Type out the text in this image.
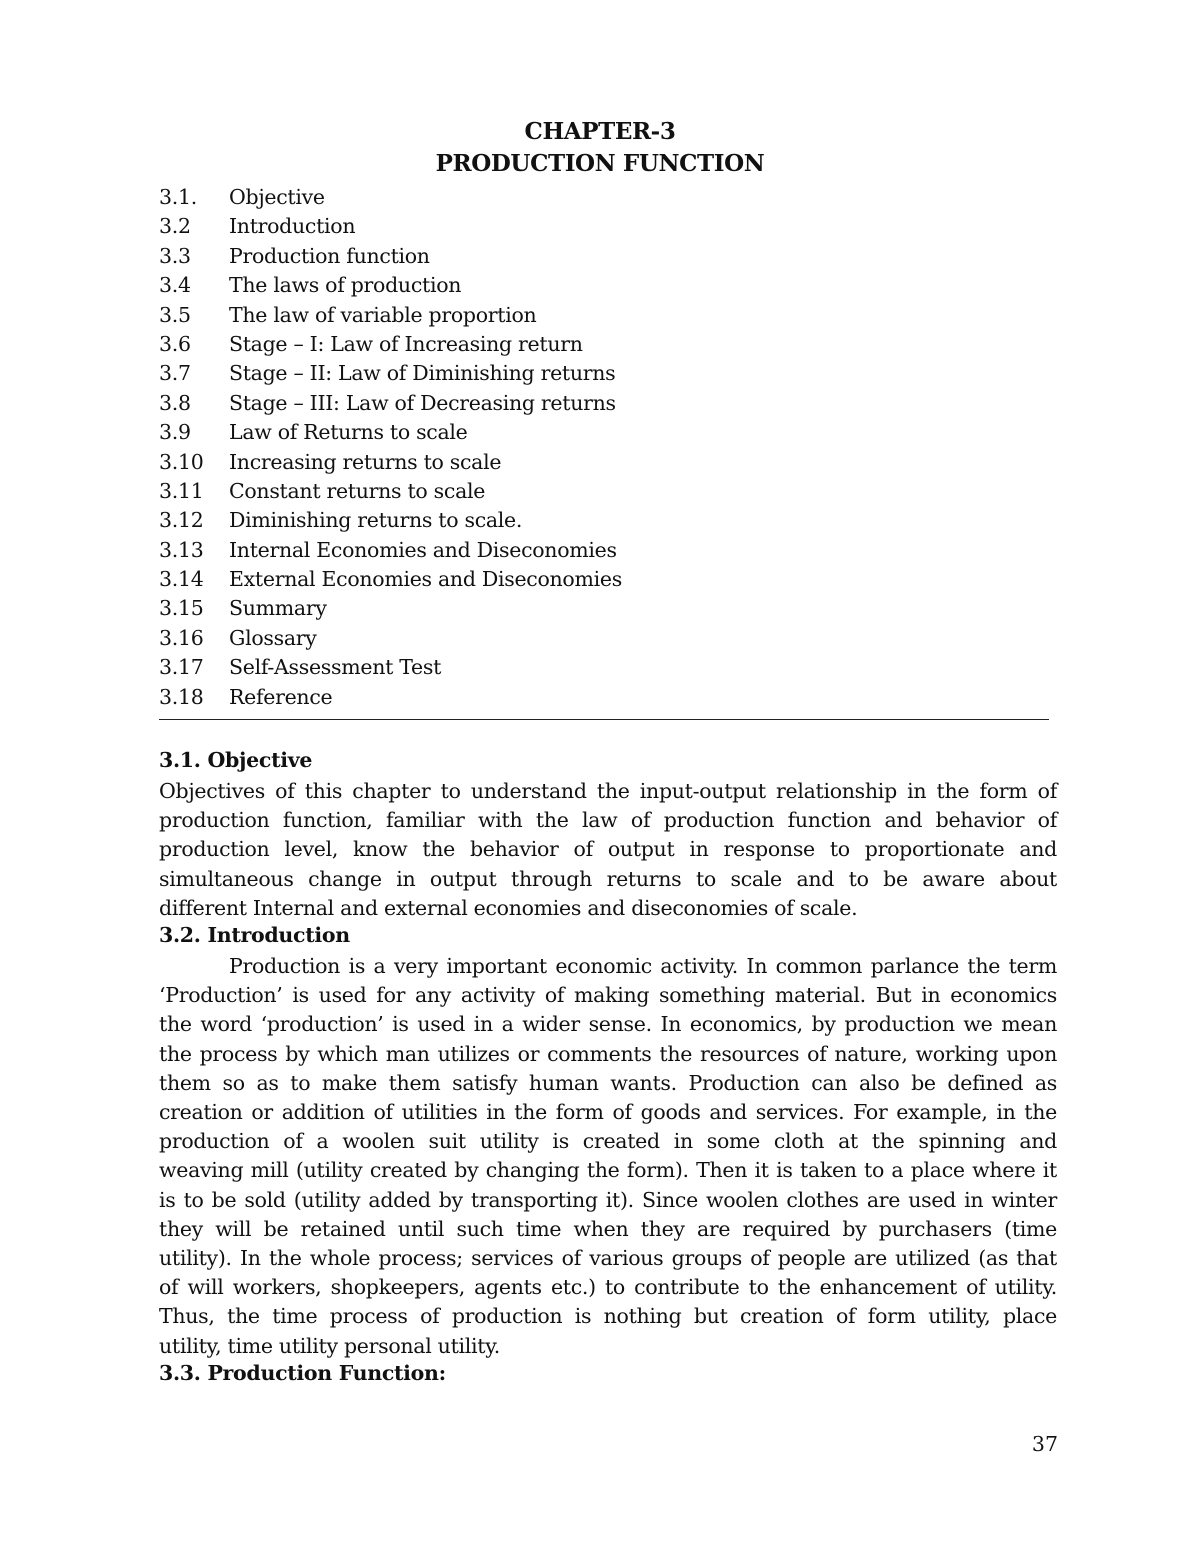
CHAPTER-3
PRODUCTION FUNCTION
3.1. Objective
3.2 Introduction
3.3 Production function
3.4 The laws of production
3.5 The law of variable proportion
3.6 Stage – I: Law of Increasing return
3.7 Stage – II: Law of Diminishing returns
3.8 Stage – III: Law of Decreasing returns
3.9 Law of Returns to scale
3.10 Increasing returns to scale
3.11 Constant returns to scale
3.12 Diminishing returns to scale.
3.13 Internal Economies and Diseconomies
3.14 External Economies and Diseconomies
3.15 Summary
3.16 Glossary
3.17 Self-Assessment Test
3.18 Reference
3.1. Objective
Objectives of this chapter to understand the input-output relationship in the form of
production function, familiar with the law of production function and behavior of
production level, know the behavior of output in response to proportionate and
simultaneous change in output through returns to scale and to be aware about
different Internal and external economies and diseconomies of scale.
3.2. Introduction
Production is a very important economic activity. In common parlance the term
‘Production’ is used for any activity of making something material. But in economics
the word ‘production’ is used in a wider sense. In economics, by production we mean
the process by which man utilizes or comments the resources of nature, working upon
them so as to make them satisfy human wants. Production can also be defined as
creation or addition of utilities in the form of goods and services. For example, in the
production of a woolen suit utility is created in some cloth at the spinning and
weaving mill (utility created by changing the form). Then it is taken to a place where it
is to be sold (utility added by transporting it). Since woolen clothes are used in winter
they will be retained until such time when they are required by purchasers (time
utility). In the whole process; services of various groups of people are utilized (as that
of will workers, shopkeepers, agents etc.) to contribute to the enhancement of utility.
Thus, the time process of production is nothing but creation of form utility, place
utility, time utility personal utility.
3.3. Production Function:
37
